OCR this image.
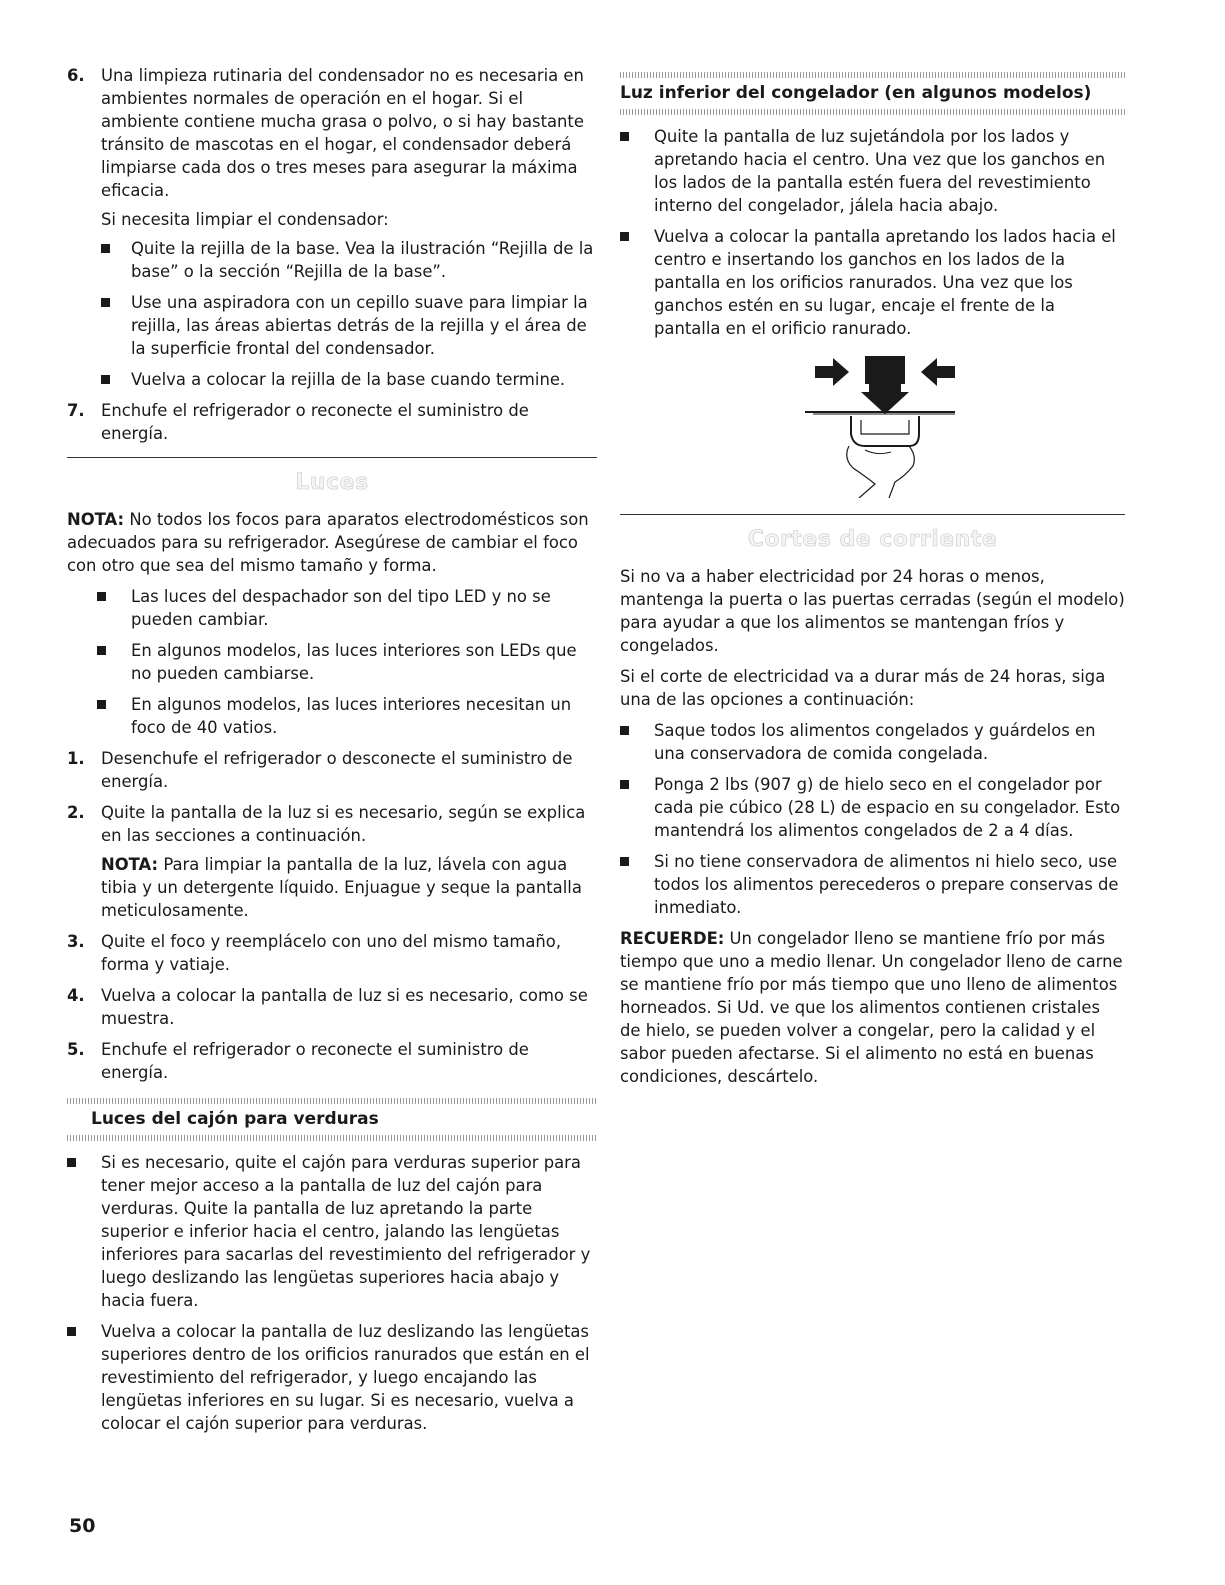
6. Una limpieza rutinaria del condensador no es necesaria en ambientes normales de operación en el hogar. Si el ambiente contiene mucha grasa o polvo, o si hay bastante tránsito de mascotas en el hogar, el condensador deberá limpiarse cada dos o tres meses para asegurar la máxima eficacia.

Si necesita limpiar el condensador:

Quite la rejilla de la base. Vea la ilustración “Rejilla de la base” o la sección “Rejilla de la base”.
Use una aspiradora con un cepillo suave para limpiar la rejilla, las áreas abiertas detrás de la rejilla y el área de la superficie frontal del condensador.
Vuelva a colocar la rejilla de la base cuando termine.
7. Enchufe el refrigerador o reconecte el suministro de energía.

Luces

NOTA: No todos los focos para aparatos electrodomésticos son adecuados para su refrigerador. Asegúrese de cambiar el foco con otro que sea del mismo tamaño y forma.

Las luces del despachador son del tipo LED y no se pueden cambiar.
En algunos modelos, las luces interiores son LEDs que no pueden cambiarse.
En algunos modelos, las luces interiores necesitan un foco de 40 vatios.
1. Desenchufe el refrigerador o desconecte el suministro de energía.

2. Quite la pantalla de la luz si es necesario, según se explica en las secciones a continuación.

NOTA: Para limpiar la pantalla de la luz, lávela con agua tibia y un detergente líquido. Enjuague y seque la pantalla meticulosamente.

3. Quite el foco y reemplácelo con uno del mismo tamaño, forma y vatiaje.

4. Vuelva a colocar la pantalla de luz si es necesario, como se muestra.

5. Enchufe el refrigerador o reconecte el suministro de energía.

Luces del cajón para verduras
Si es necesario, quite el cajón para verduras superior para tener mejor acceso a la pantalla de luz del cajón para verduras. Quite la pantalla de luz apretando la parte superior e inferior hacia el centro, jalando las lengüetas inferiores para sacarlas del revestimiento del refrigerador y luego deslizando las lengüetas superiores hacia abajo y hacia fuera.
Vuelva a colocar la pantalla de luz deslizando las lengüetas superiores dentro de los orificios ranurados que están en el revestimiento del refrigerador, y luego encajando las lengüetas inferiores en su lugar. Si es necesario, vuelva a colocar el cajón superior para verduras.
Luz inferior del congelador (en algunos modelos)
Quite la pantalla de luz sujetándola por los lados y apretando hacia el centro. Una vez que los ganchos en los lados de la pantalla estén fuera del revestimiento interno del congelador, jálela hacia abajo.
Vuelva a colocar la pantalla apretando los lados hacia el centro e insertando los ganchos en los lados de la pantalla en los orificios ranurados. Una vez que los ganchos estén en su lugar, encaje el frente de la pantalla en el orificio ranurado.
Cortes de corriente

Si no va a haber electricidad por 24 horas o menos, mantenga la puerta o las puertas cerradas (según el modelo) para ayudar a que los alimentos se mantengan fríos y congelados.

Si el corte de electricidad va a durar más de 24 horas, siga una de las opciones a continuación:

Saque todos los alimentos congelados y guárdelos en una conservadora de comida congelada.
Ponga 2 lbs (907 g) de hielo seco en el congelador por cada pie cúbico (28 L) de espacio en su congelador. Esto mantendrá los alimentos congelados de 2 a 4 días.
Si no tiene conservadora de alimentos ni hielo seco, use todos los alimentos perecederos o prepare conservas de inmediato.

RECUERDE: Un congelador lleno se mantiene frío por más tiempo que uno a medio llenar. Un congelador lleno de carne se mantiene frío por más tiempo que uno lleno de alimentos horneados. Si Ud. ve que los alimentos contienen cristales de hielo, se pueden volver a congelar, pero la calidad y el sabor pueden afectarse. Si el alimento no está en buenas condiciones, descártelo.

50
